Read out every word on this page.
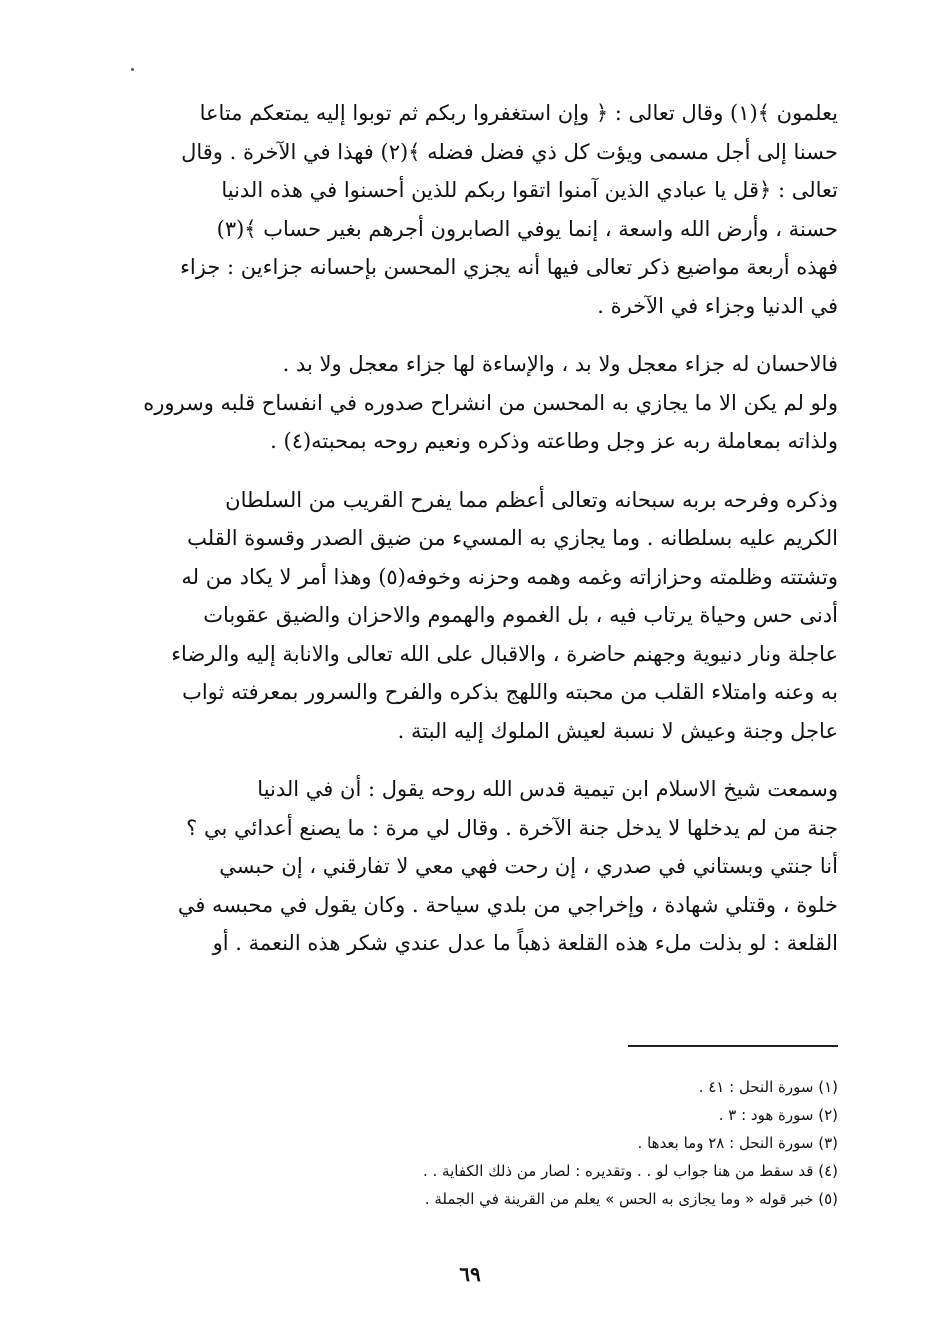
يعلمون ﴾(١) وقال تعالى : ﴿ وإن استغفروا ربكم ثم توبوا إليه يمتعكم متاعا
حسنا إلى أجل مسمى ويؤت كل ذي فضل فضله ﴾(٢) فهذا في الآخرة . وقال
تعالى : ﴿قل يا عبادي الذين آمنوا اتقوا ربكم للذين أحسنوا في هذه الدنيا
حسنة ، وأرض الله واسعة ، إنما يوفي الصابرون أجرهم بغير حساب ﴾(٣)
فهذه أربعة مواضيع ذكر تعالى فيها أنه يجزي المحسن بإحسانه جزاءين : جزاء
في الدنيا وجزاء في الآخرة .

فالاحسان له جزاء معجل ولا بد ، والإساءة لها جزاء معجل ولا بد .
ولو لم يكن الا ما يجازي به المحسن من انشراح صدوره في انفساح قلبه وسروره
ولذاته بمعاملة ربه عز وجل وطاعته وذكره ونعيم روحه بمحبته(٤) .

وذكره وفرحه بربه سبحانه وتعالى أعظم مما يفرح القريب من السلطان
الكريم عليه بسلطانه . وما يجازي به المسيء من ضيق الصدر وقسوة القلب
وتشتته وظلمته وحزازاته وغمه وهمه وحزنه وخوفه(٥) وهذا أمر لا يكاد من له
أدنى حس وحياة يرتاب فيه ، بل الغموم والهموم والاحزان والضيق عقوبات
عاجلة ونار دنيوية وجهنم حاضرة ، والاقبال على الله تعالى والانابة إليه والرضاء
به وعنه وامتلاء القلب من محبته واللهج بذكره والفرح والسرور بمعرفته ثواب
عاجل وجنة وعيش لا نسبة لعيش الملوك إليه البتة .

وسمعت شيخ الاسلام ابن تيمية قدس الله روحه يقول : أن في الدنيا
جنة من لم يدخلها لا يدخل جنة الآخرة . وقال لي مرة : ما يصنع أعدائي بي ؟
أنا جنتي وبستاني في صدري ، إن رحت فهي معي لا تفارقني ، إن حبسي
خلوة ، وقتلي شهادة ، وإخراجي من بلدي سياحة . وكان يقول في محبسه في
القلعة : لو بذلت ملء هذه القلعة ذهباً ما عدل عندي شكر هذه النعمة . أو

(١) سورة النحل : ٤١ .
(٢) سورة هود : ٣ .
(٣) سورة النحل : ٢٨ وما بعدها .
(٤) قد سقط من هنا جواب لو . . وتقديره : لصار من ذلك الكفاية . .
(٥) خبر قوله « وما يجازى به الحس » يعلم من القرينة في الجملة .
٦٩
